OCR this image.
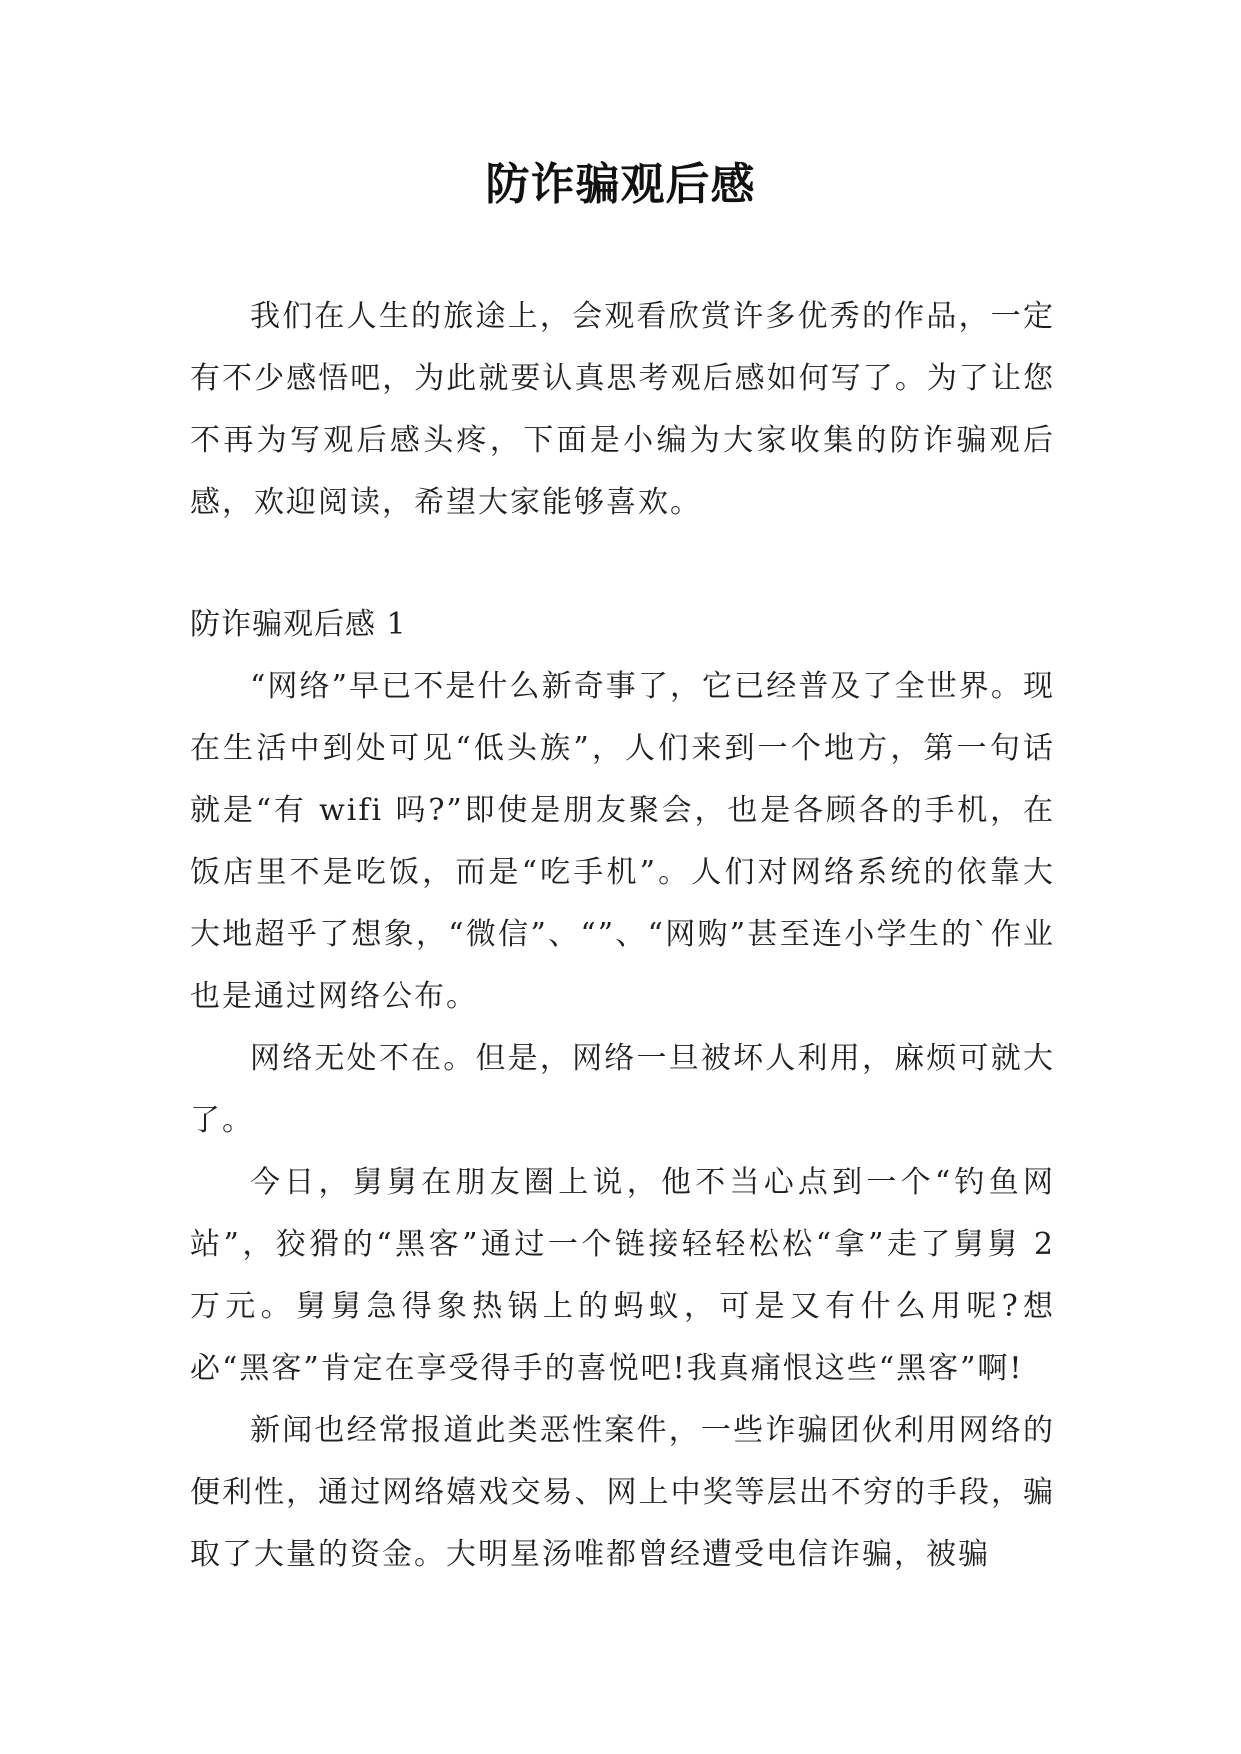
防诈骗观后感

我们在人生的旅途上，会观看欣赏许多优秀的作品，一定有不少感悟吧，为此就要认真思考观后感如何写了。为了让您不再为写观后感头疼，下面是小编为大家收集的防诈骗观后感，欢迎阅读，希望大家能够喜欢。

防诈骗观后感 1

“网络”早已不是什么新奇事了，它已经普及了全世界。现在生活中到处可见“低头族”，人们来到一个地方，第一句话就是“有 wifi 吗?”即使是朋友聚会，也是各顾各的手机，在饭店里不是吃饭，而是“吃手机”。人们对网络系统的依靠大大地超乎了想象，“微信”、“”、“网购”甚至连小学生的`作业也是通过网络公布。

网络无处不在。但是，网络一旦被坏人利用，麻烦可就大了。

今日，舅舅在朋友圈上说，他不当心点到一个“钓鱼网站”，狡猾的“黑客”通过一个链接轻轻松松“拿”走了舅舅 2 万元。舅舅急得象热锅上的蚂蚁，可是又有什么用呢?想必“黑客”肯定在享受得手的喜悦吧!我真痛恨这些“黑客”啊!

新闻也经常报道此类恶性案件，一些诈骗团伙利用网络的便利性，通过网络嬉戏交易、网上中奖等层出不穷的手段，骗取了大量的资金。大明星汤唯都曾经遭受电信诈骗，被骗
